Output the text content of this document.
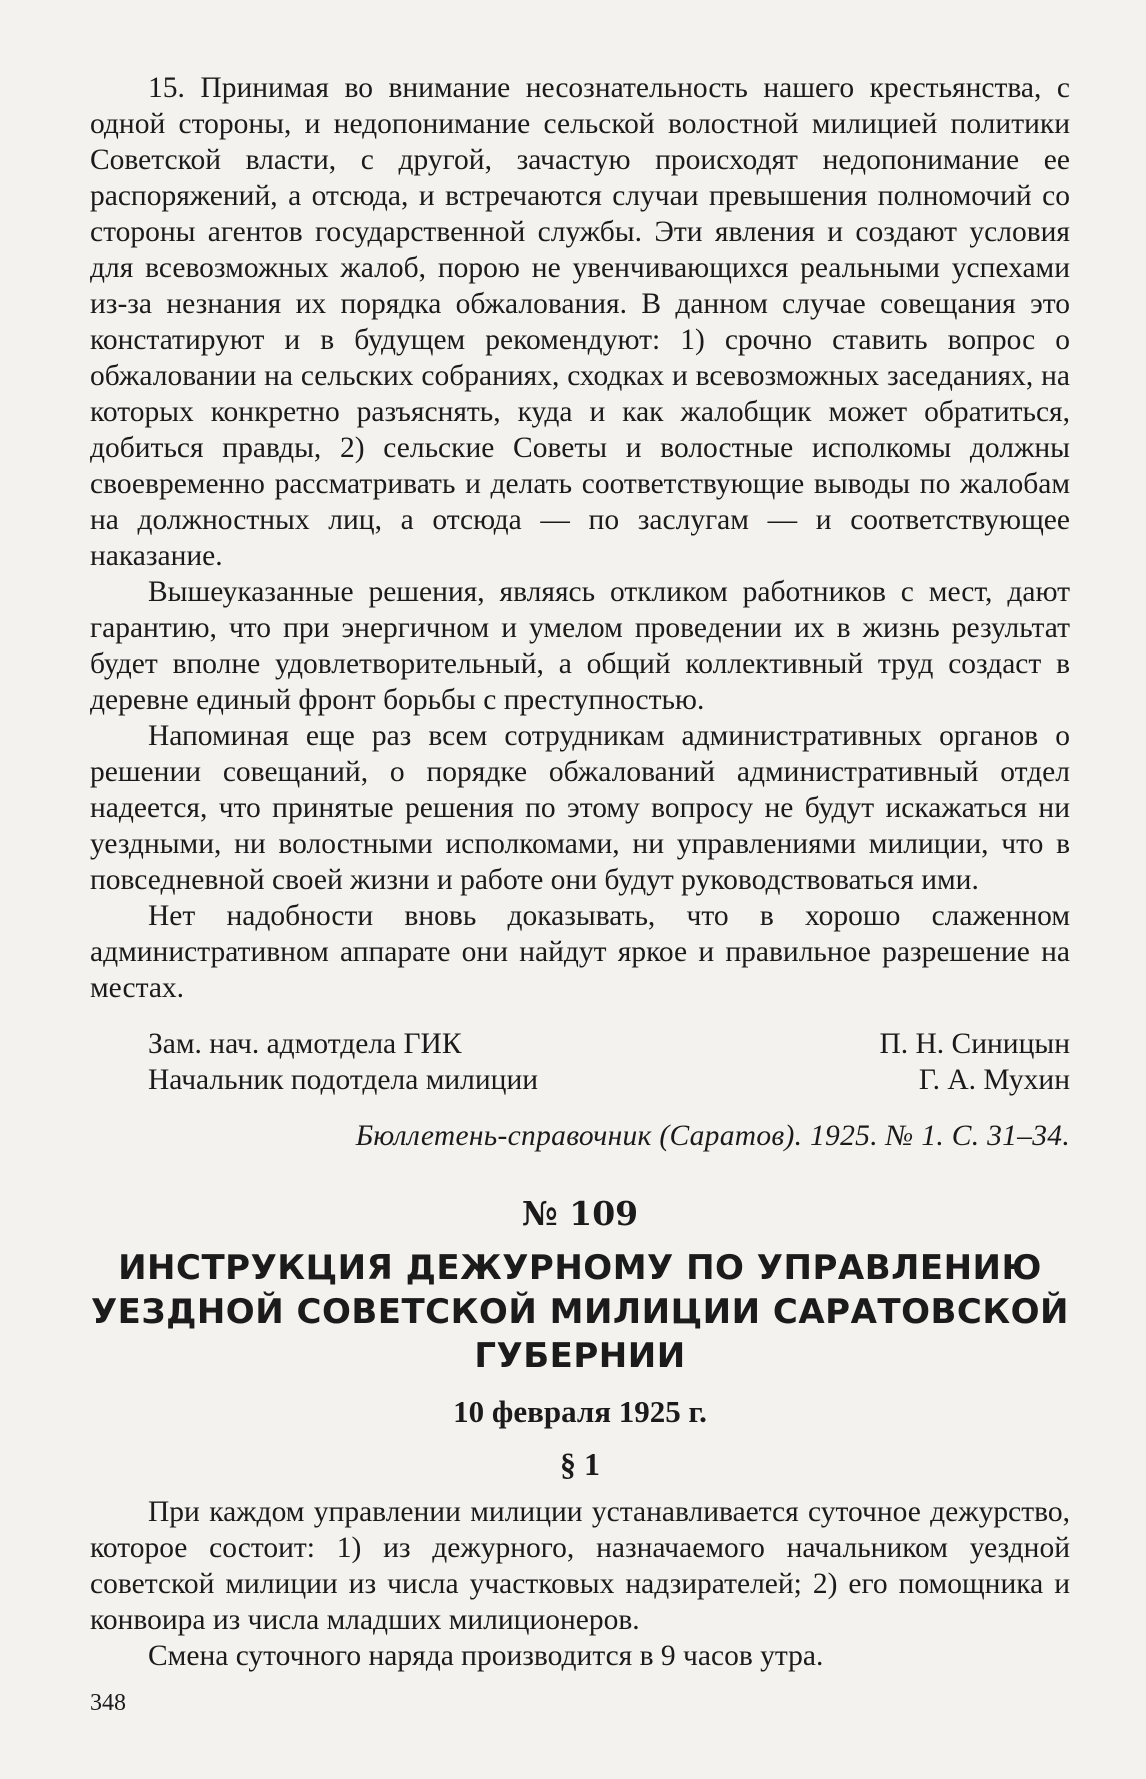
15. Принимая во внимание несознательность нашего крестьянства, с одной стороны, и недопонимание сельской волостной милицией политики Советской власти, с другой, зачастую происходят недопонимание ее распоряжений, а отсюда, и встречаются случаи превышения полномочий со стороны агентов государственной службы. Эти явления и создают условия для всевозможных жалоб, порою не увенчивающихся реальными успехами из-за незнания их порядка обжалования. В данном случае совещания это констатируют и в будущем рекомендуют: 1) срочно ставить вопрос о обжаловании на сельских собраниях, сходках и всевозможных заседаниях, на которых конкретно разъяснять, куда и как жалобщик может обратиться, добиться правды, 2) сельские Советы и волостные исполкомы должны своевременно рассматривать и делать соответствующие выводы по жалобам на должностных лиц, а отсюда — по заслугам — и соответствующее наказание.

Вышеуказанные решения, являясь откликом работников с мест, дают гарантию, что при энергичном и умелом проведении их в жизнь результат будет вполне удовлетворительный, а общий коллективный труд создаст в деревне единый фронт борьбы с преступностью.

Напоминая еще раз всем сотрудникам административных органов о решении совещаний, о порядке обжалований административный отдел надеется, что принятые решения по этому вопросу не будут искажаться ни уездными, ни волостными исполкомами, ни управлениями милиции, что в повседневной своей жизни и работе они будут руководствоваться ими.

Нет надобности вновь доказывать, что в хорошо слаженном административном аппарате они найдут яркое и правильное разрешение на местах.

Зам. нач. адмотдела ГИК	П. Н. Синицын
Начальник подотдела милиции	Г. А. Мухин
Бюллетень-справочник (Саратов). 1925. № 1. С. 31–34.
№ 109
ИНСТРУКЦИЯ ДЕЖУРНОМУ ПО УПРАВЛЕНИЮ УЕЗДНОЙ СОВЕТСКОЙ МИЛИЦИИ САРАТОВСКОЙ ГУБЕРНИИ
10 февраля 1925 г.
§ 1

При каждом управлении милиции устанавливается суточное дежурство, которое состоит: 1) из дежурного, назначаемого начальником уездной советской милиции из числа участковых надзирателей; 2) его помощника и конвоира из числа младших милиционеров.

Смена суточного наряда производится в 9 часов утра.

348
